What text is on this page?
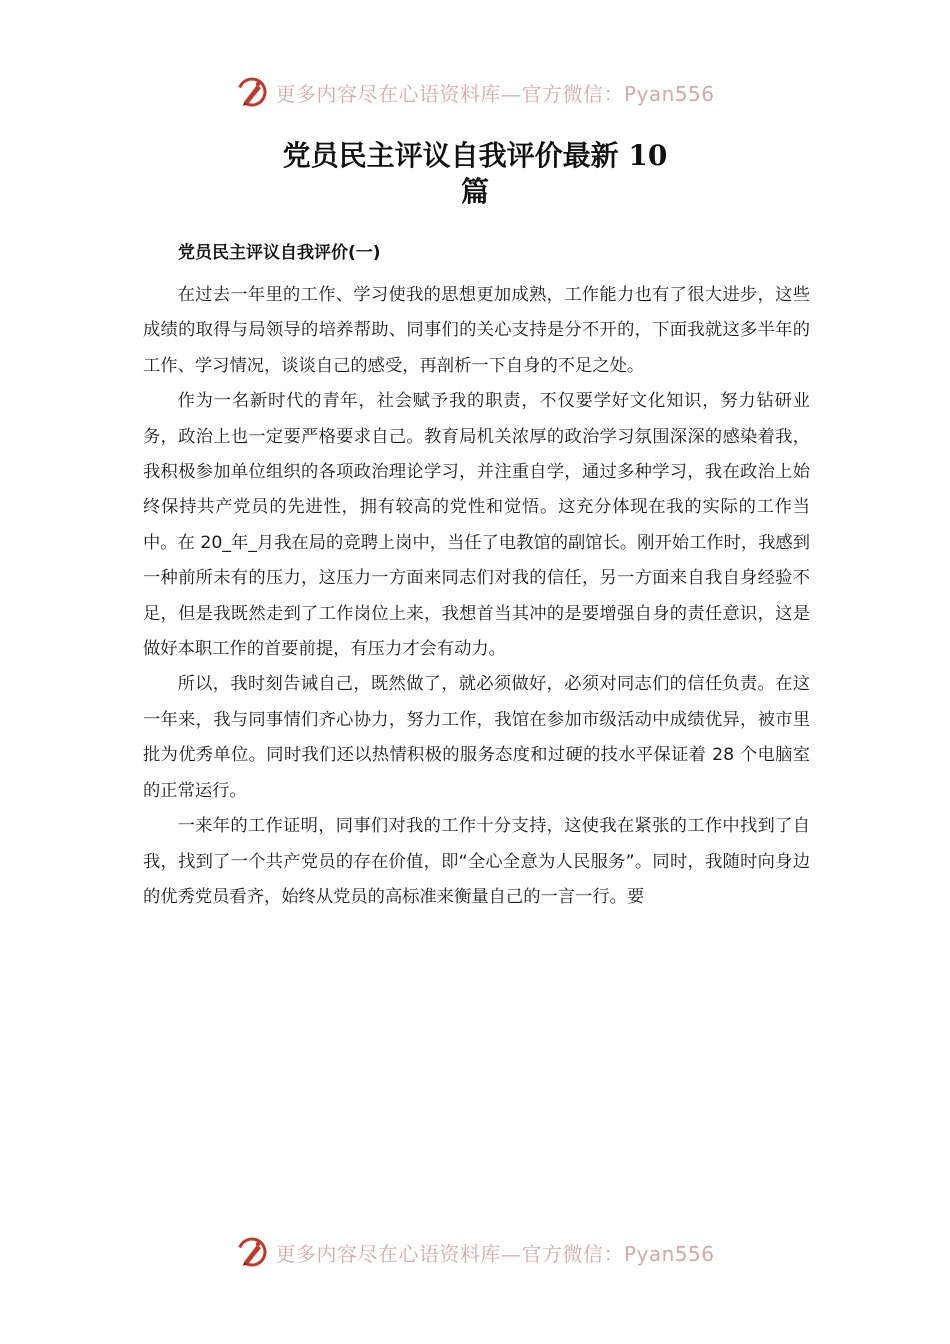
更多内容尽在心语资料库—官方微信：Pyan556
党员民主评议自我评价最新 10
篇
党员民主评议自我评价(一)

在过去一年里的工作、学习使我的思想更加成熟，工作能力也有了很大进步，这些成绩的取得与局领导的培养帮助、同事们的关心支持是分不开的，下面我就这多半年的工作、学习情况，谈谈自己的感受，再剖析一下自身的不足之处。

作为一名新时代的青年，社会赋予我的职责，不仅要学好文化知识，努力钻研业务，政治上也一定要严格要求自己。教育局机关浓厚的政治学习氛围深深的感染着我，我积极参加单位组织的各项政治理论学习，并注重自学，通过多种学习，我在政治上始终保持共产党员的先进性，拥有较高的党性和觉悟。这充分体现在我的实际的工作当中。在 20_年_月我在局的竞聘上岗中，当任了电教馆的副馆长。刚开始工作时，我感到一种前所未有的压力，这压力一方面来同志们对我的信任，另一方面来自我自身经验不足，但是我既然走到了工作岗位上来，我想首当其冲的是要增强自身的责任意识，这是做好本职工作的首要前提，有压力才会有动力。

所以，我时刻告诫自己，既然做了，就必须做好，必须对同志们的信任负责。在这一年来，我与同事情们齐心协力，努力工作，我馆在参加市级活动中成绩优异，被市里批为优秀单位。同时我们还以热情积极的服务态度和过硬的技水平保证着 28 个电脑室的正常运行。

一来年的工作证明，同事们对我的工作十分支持，这使我在紧张的工作中找到了自我，找到了一个共产党员的存在价值，即“全心全意为人民服务”。同时，我随时向身边的优秀党员看齐，始终从党员的高标准来衡量自己的一言一行。要

更多内容尽在心语资料库—官方微信：Pyan556
